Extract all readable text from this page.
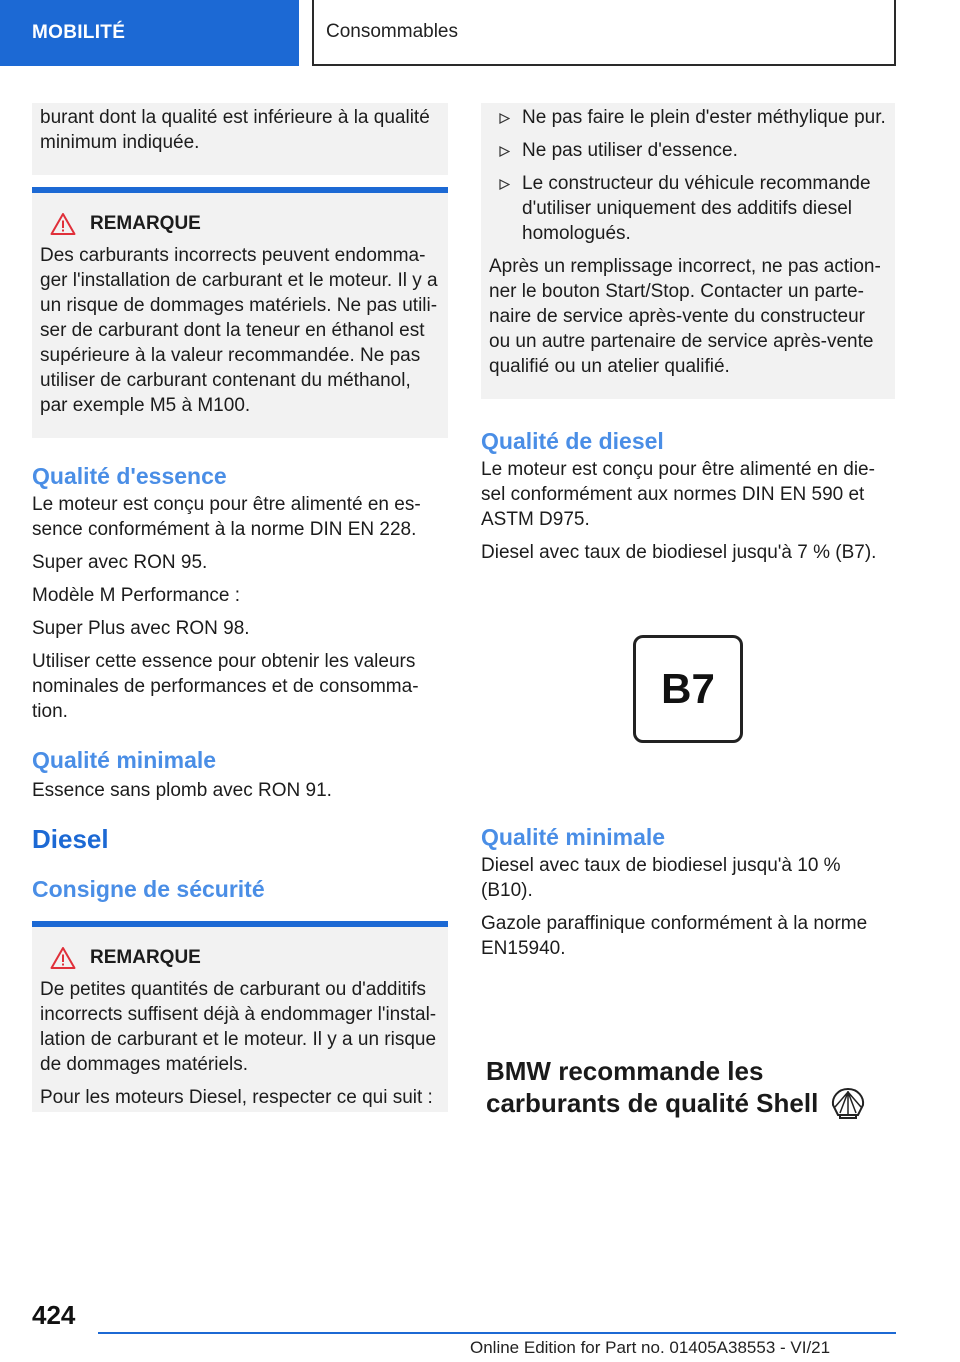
MOBILITÉ	Consommables

burant dont la qualité est inférieure à la qualité minimum indiquée.

REMARQUE

Des carburants incorrects peuvent endomma-ger l'installation de carburant et le moteur. Il y a un risque de dommages matériels. Ne pas utili-ser de carburant dont la teneur en éthanol est supérieure à la valeur recommandée. Ne pas utiliser de carburant contenant du méthanol, par exemple M5 à M100.

Qualité d'essence

Le moteur est conçu pour être alimenté en es-sence conformément à la norme DIN EN 228.

Super avec RON 95.

Modèle M Performance :

Super Plus avec RON 98.

Utiliser cette essence pour obtenir les valeurs nominales de performances et de consomma-tion.

Qualité minimale

Essence sans plomb avec RON 91.

Diesel
Consigne de sécurité
REMARQUE

De petites quantités de carburant ou d'additifs incorrects suffisent déjà à endommager l'instal-lation de carburant et le moteur. Il y a un risque de dommages matériels.

Pour les moteurs Diesel, respecter ce qui suit :

Ne pas faire le plein d'ester méthylique pur.
Ne pas utiliser d'essence.
Le constructeur du véhicule recommande d'utiliser uniquement des additifs diesel homologués.

Après un remplissage incorrect, ne pas action-ner le bouton Start/Stop. Contacter un parte-naire de service après-vente du constructeur ou un autre partenaire de service après-vente qualifié ou un atelier qualifié.

Qualité de diesel

Le moteur est conçu pour être alimenté en die-sel conformément aux normes DIN EN 590 et ASTM D975.

Diesel avec taux de biodiesel jusqu'à 7 % (B7).

B7
Qualité minimale

Diesel avec taux de biodiesel jusqu'à 10 % (B10).

Gazole paraffinique conformément à la norme EN15940.

BMW recommande les
carburants de qualité Shell
424
Online Edition for Part no. 01405A38553 - VI/21
